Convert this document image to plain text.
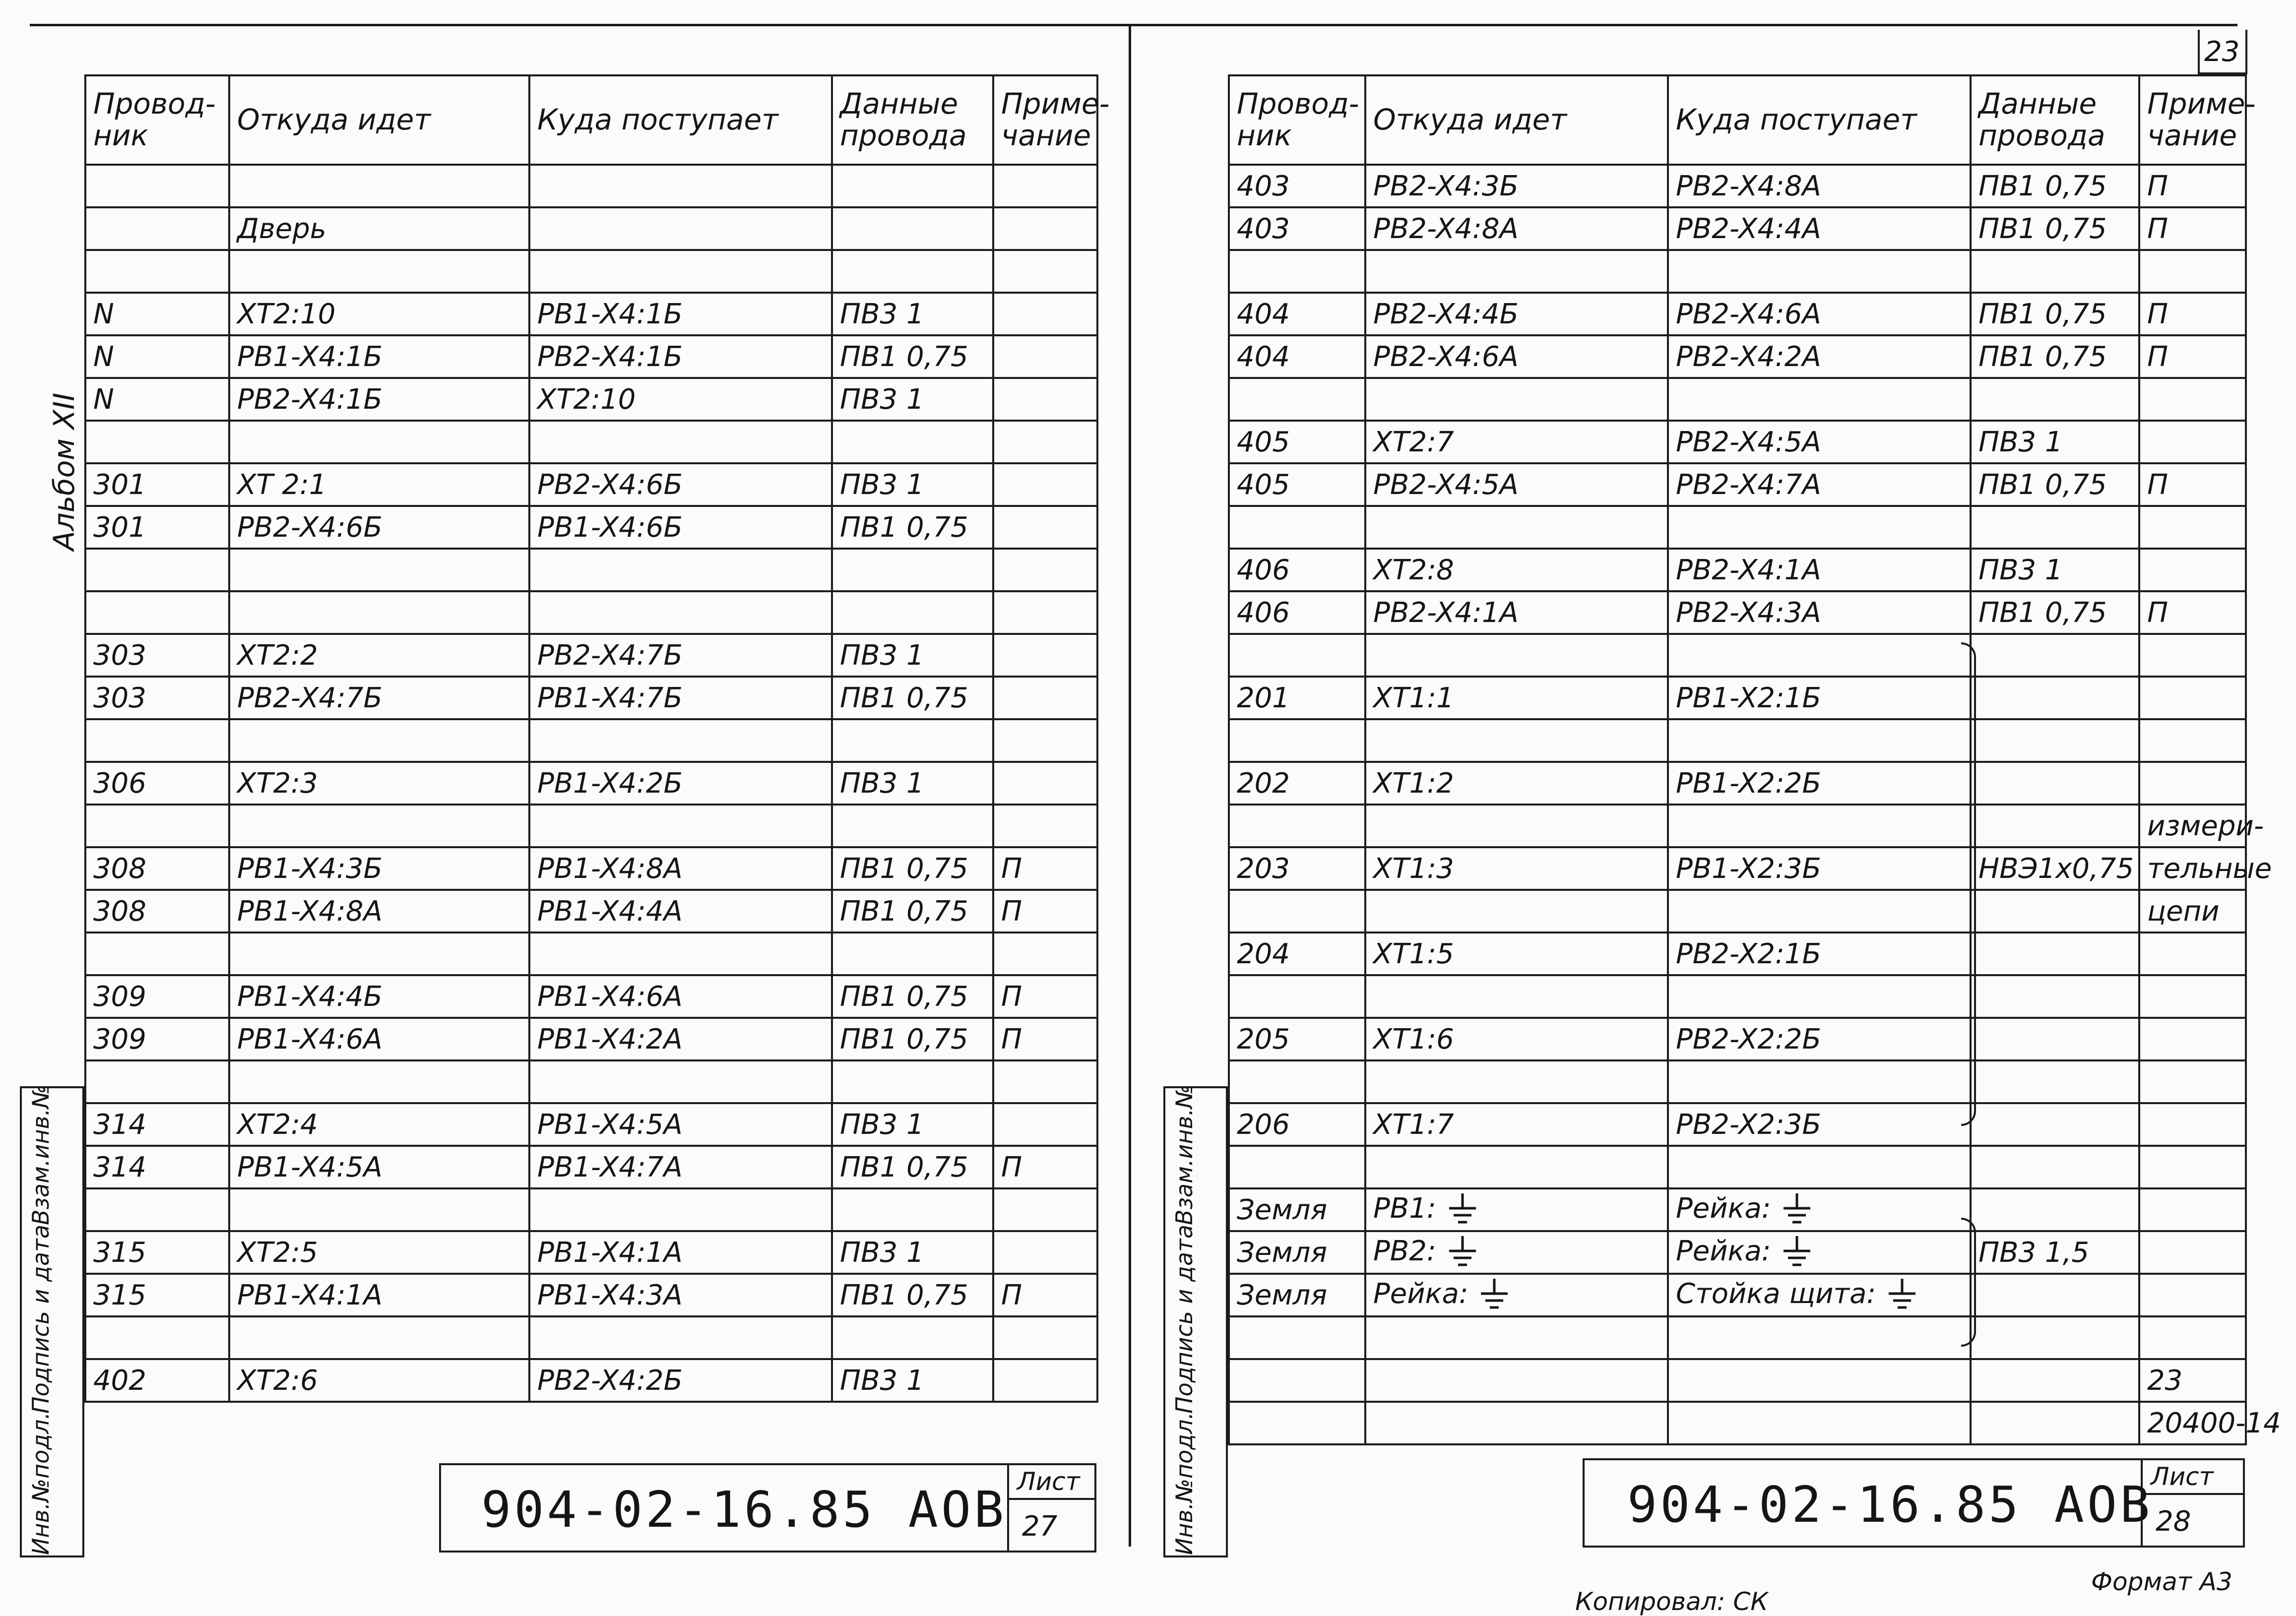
Альбом XII
Провод-ник	Откуда идет	Куда поступает	Данные провода	Приме-чание

	Дверь			

N	XT2:10	PB1-X4:1Б	ПВ3 1	
N	PB1-X4:1Б	PB2-X4:1Б	ПВ1 0,75	
N	PB2-X4:1Б	XT2:10	ПВ3 1	

301	XT 2:1	PB2-X4:6Б	ПВ3 1	
301	PB2-X4:6Б	PB1-X4:6Б	ПВ1 0,75	

303	XT2:2	PB2-X4:7Б	ПВ3 1	
303	PB2-X4:7Б	PB1-X4:7Б	ПВ1 0,75	

306	XT2:3	PB1-X4:2Б	ПВ3 1	

308	PB1-X4:3Б	PB1-X4:8A	ПВ1 0,75	П
308	PB1-X4:8A	PB1-X4:4A	ПВ1 0,75	П

309	PB1-X4:4Б	PB1-X4:6A	ПВ1 0,75	П
309	PB1-X4:6A	PB1-X4:2A	ПВ1 0,75	П

314	XT2:4	PB1-X4:5A	ПВ3 1	
314	PB1-X4:5A	PB1-X4:7A	ПВ1 0,75	П

315	XT2:5	PB1-X4:1A	ПВ3 1	
315	PB1-X4:1A	PB1-X4:3A	ПВ1 0,75	П

402	XT2:6	PB2-X4:2Б	ПВ3 1	
Инв.№подл.
Подпись и дата
Взам.инв.№
904-02-16.85 АОВ Лист
27
23
Провод-ник	Откуда идет	Куда поступает	Данные провода	Приме-чание
403	PB2-X4:3Б	PB2-X4:8A	ПВ1 0,75	П
403	PB2-X4:8A	PB2-X4:4A	ПВ1 0,75	П

404	PB2-X4:4Б	PB2-X4:6A	ПВ1 0,75	П
404	PB2-X4:6A	PB2-X4:2A	ПВ1 0,75	П

405	XT2:7	PB2-X4:5A	ПВ3 1	
405	PB2-X4:5A	PB2-X4:7A	ПВ1 0,75	П

406	XT2:8	PB2-X4:1A	ПВ3 1	
406	PB2-X4:1A	PB2-X4:3A	ПВ1 0,75	П

201	XT1:1	PB1-X2:1Б		

202	XT1:2	PB1-X2:2Б		
				измери-
203	XT1:3	PB1-X2:3Б	НВЭ1х0,75	тельные
				цепи
204	XT1:5	PB2-X2:1Б		

205	XT1:6	PB2-X2:2Б		

206	XT1:7	PB2-X2:3Б		

Земля	PB1:	Рейка:		
Земля	PB2:	Рейка:	ПВ3 1,5	
Земля	Рейка:	Стойка щита:		

				23
				20400-14
Инв.№подл.
Подпись и дата
Взам.инв.№
904-02-16.85 АОВ
Лист
28
Формат А3
Копировал: СК
